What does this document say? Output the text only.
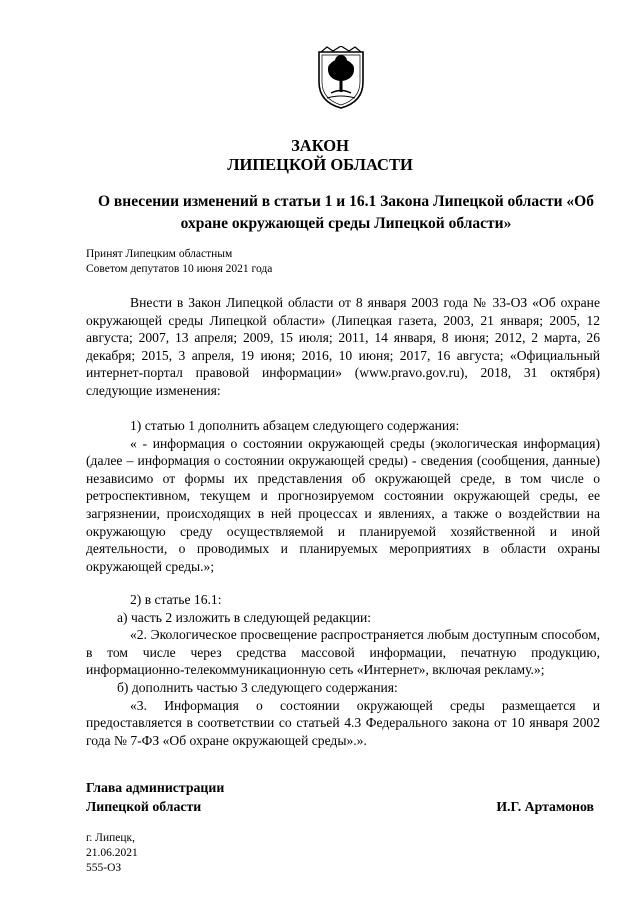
ЗАКОН
ЛИПЕЦКОЙ ОБЛАСТИ
О внесении изменений в статьи 1 и 16.1 Закона Липецкой области «Об охране окружающей среды Липецкой области»
Принят Липецким областным
Советом депутатов 10 июня 2021 года

Внести в Закон Липецкой области от 8 января 2003 года № 33-ОЗ «Об охране окружающей среды Липецкой области» (Липецкая газета, 2003, 21 января; 2005, 12 августа; 2007, 13 апреля; 2009, 15 июля; 2011, 14 января, 8 июня; 2012, 2 марта, 26 декабря; 2015, 3 апреля, 19 июня; 2016, 10 июня; 2017, 16 августа; «Официальный интернет-портал правовой информации» (www.pravo.gov.ru), 2018, 31 октября) следующие изменения:

1) статью 1 дополнить абзацем следующего содержания:

« - информация о состоянии окружающей среды (экологическая информация) (далее – информация о состоянии окружающей среды) - сведения (сообщения, данные) независимо от формы их представления об окружающей среде, в том числе о ретроспективном, текущем и прогнозируемом состоянии окружающей среды, ее загрязнении, происходящих в ней процессах и явлениях, а также о воздействии на окружающую среду осуществляемой и планируемой хозяйственной и иной деятельности, о проводимых и планируемых мероприятиях в области охраны окружающей среды.»;

2) в статье 16.1:

а) часть 2 изложить в следующей редакции:

«2. Экологическое просвещение распространяется любым доступным способом, в том числе через средства массовой информации, печатную продукцию, информационно-телекоммуникационную сеть «Интернет», включая рекламу.»;

б) дополнить частью 3 следующего содержания:

«3. Информация о состоянии окружающей среды размещается и предоставляется в соответствии со статьей 4.3 Федерального закона от 10 января 2002 года № 7-ФЗ «Об охране окружающей среды».».

Глава администрации
Липецкой области	И.Г. Артамонов
г. Липецк,
21.06.2021
555-ОЗ
